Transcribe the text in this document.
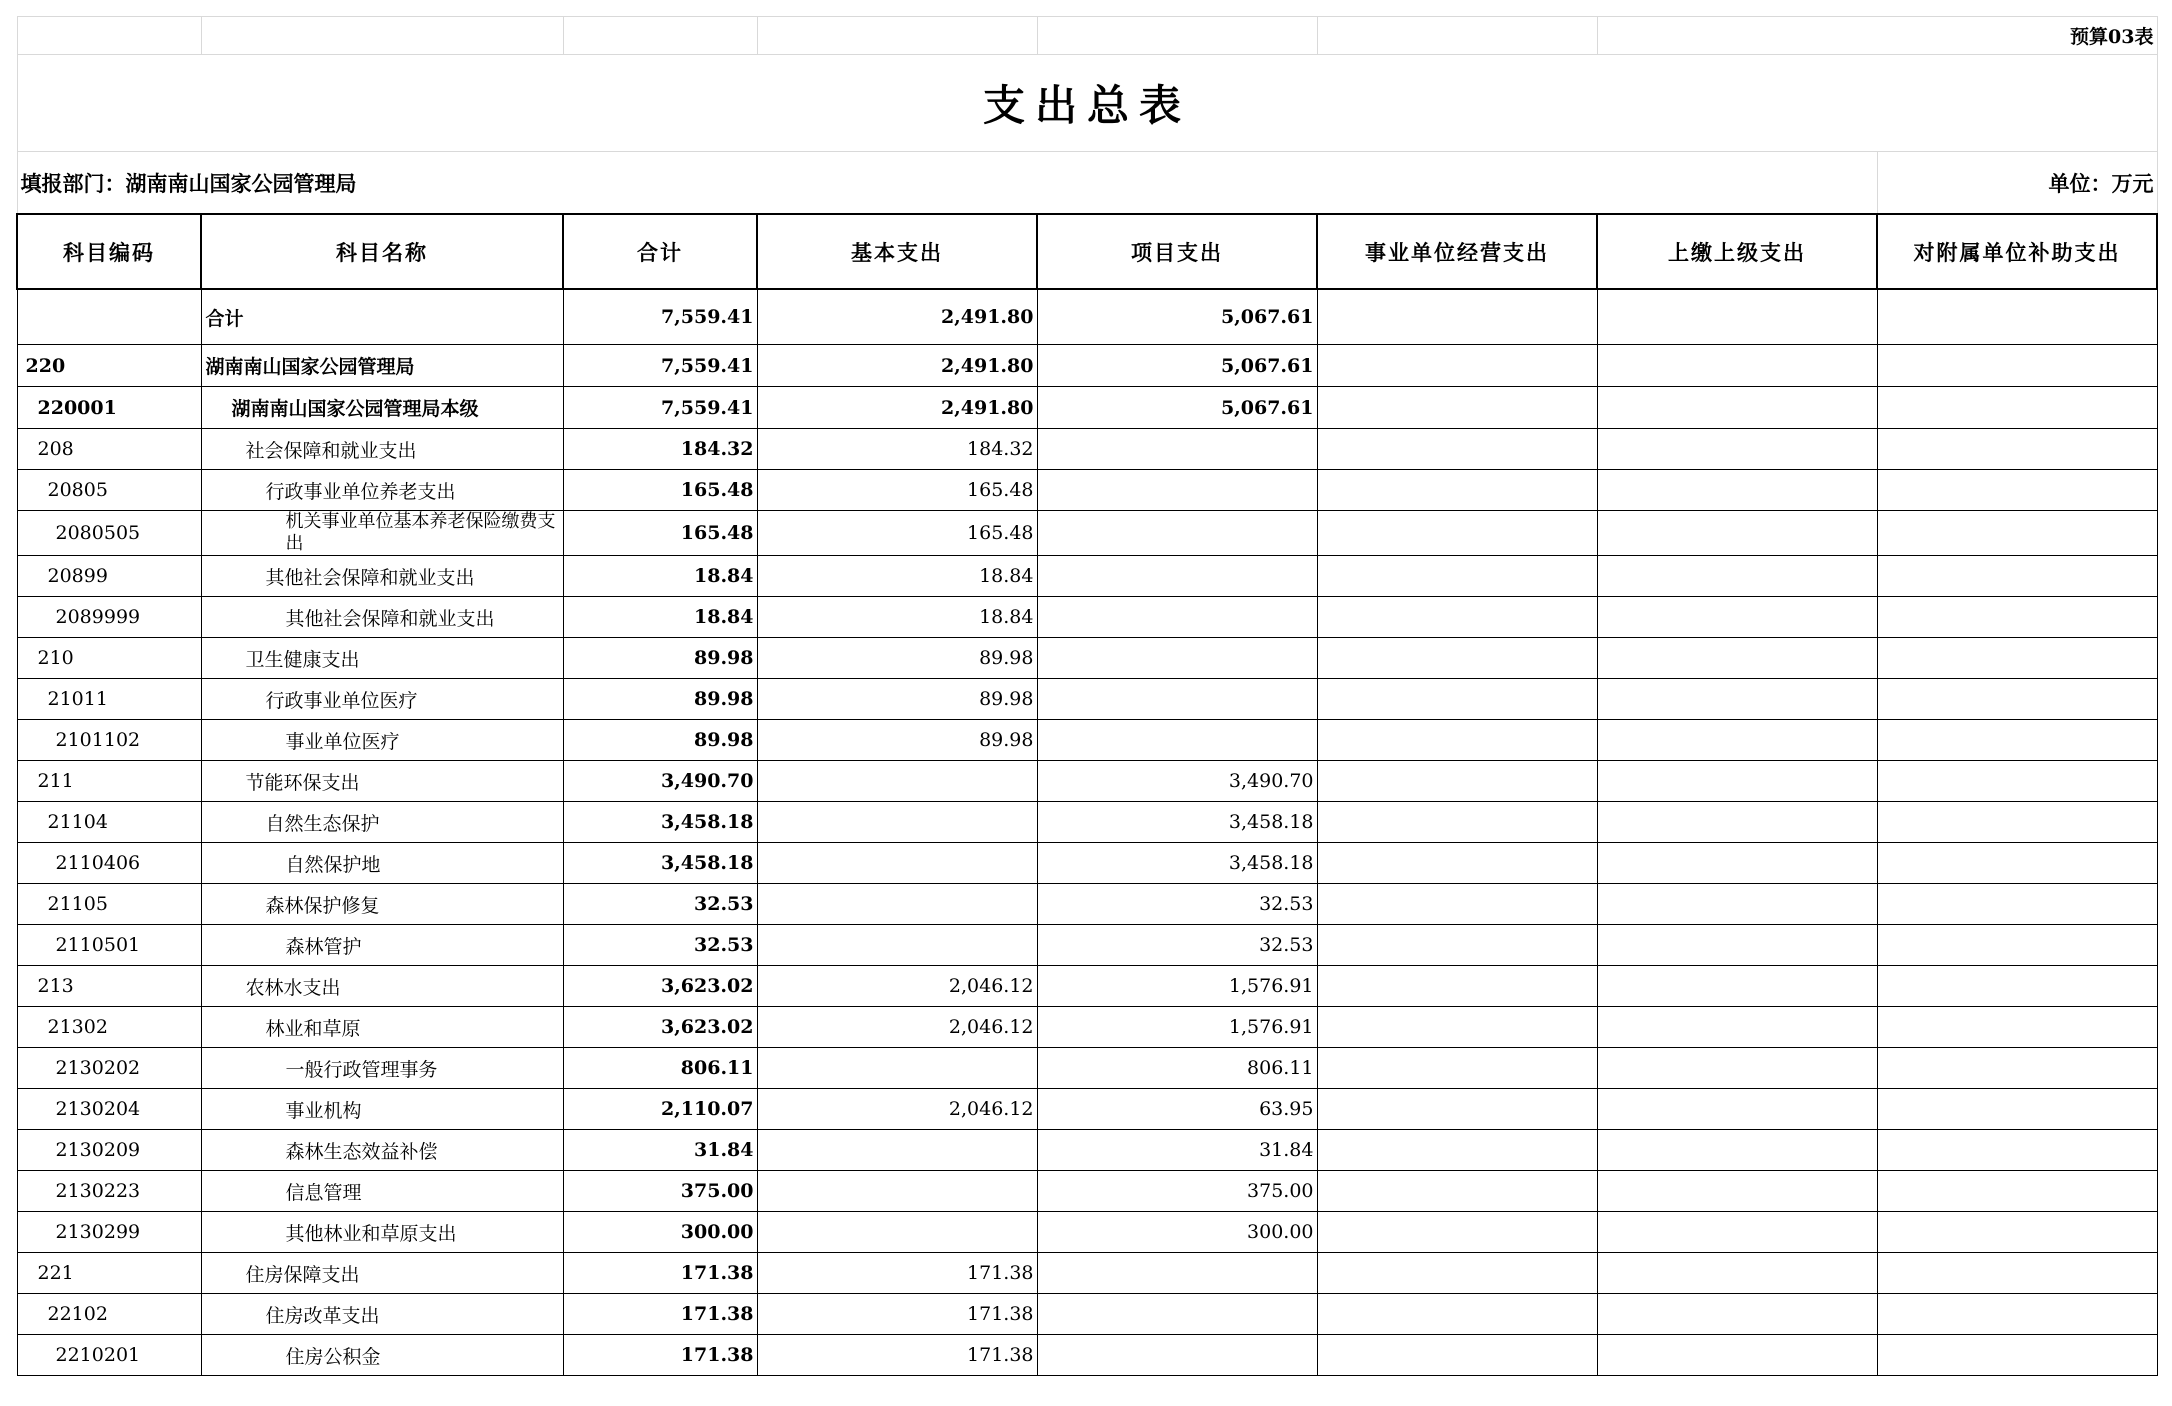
						预算03表	
支出总表							
填报部门：湖南南山国家公园管理局							单位：万元
科目编码	科目名称	合计	基本支出	项目支出	事业单位经营支出	上缴上级支出	对附属单位补助支出
	合计	7,559.41	2,491.80	5,067.61			
220	湖南南山国家公园管理局	7,559.41	2,491.80	5,067.61			
220001	湖南南山国家公园管理局本级	7,559.41	2,491.80	5,067.61			
208	社会保障和就业支出	184.32	184.32				
20805	行政事业单位养老支出	165.48	165.48				
2080505	机关事业单位基本养老保险缴费支出	165.48	165.48				
20899	其他社会保障和就业支出	18.84	18.84				
2089999	其他社会保障和就业支出	18.84	18.84				
210	卫生健康支出	89.98	89.98				
21011	行政事业单位医疗	89.98	89.98				
2101102	事业单位医疗	89.98	89.98				
211	节能环保支出	3,490.70		3,490.70			
21104	自然生态保护	3,458.18		3,458.18			
2110406	自然保护地	3,458.18		3,458.18			
21105	森林保护修复	32.53		32.53			
2110501	森林管护	32.53		32.53			
213	农林水支出	3,623.02	2,046.12	1,576.91			
21302	林业和草原	3,623.02	2,046.12	1,576.91			
2130202	一般行政管理事务	806.11		806.11			
2130204	事业机构	2,110.07	2,046.12	63.95			
2130209	森林生态效益补偿	31.84		31.84			
2130223	信息管理	375.00		375.00			
2130299	其他林业和草原支出	300.00		300.00			
221	住房保障支出	171.38	171.38				
22102	住房改革支出	171.38	171.38				
2210201	住房公积金	171.38	171.38				
